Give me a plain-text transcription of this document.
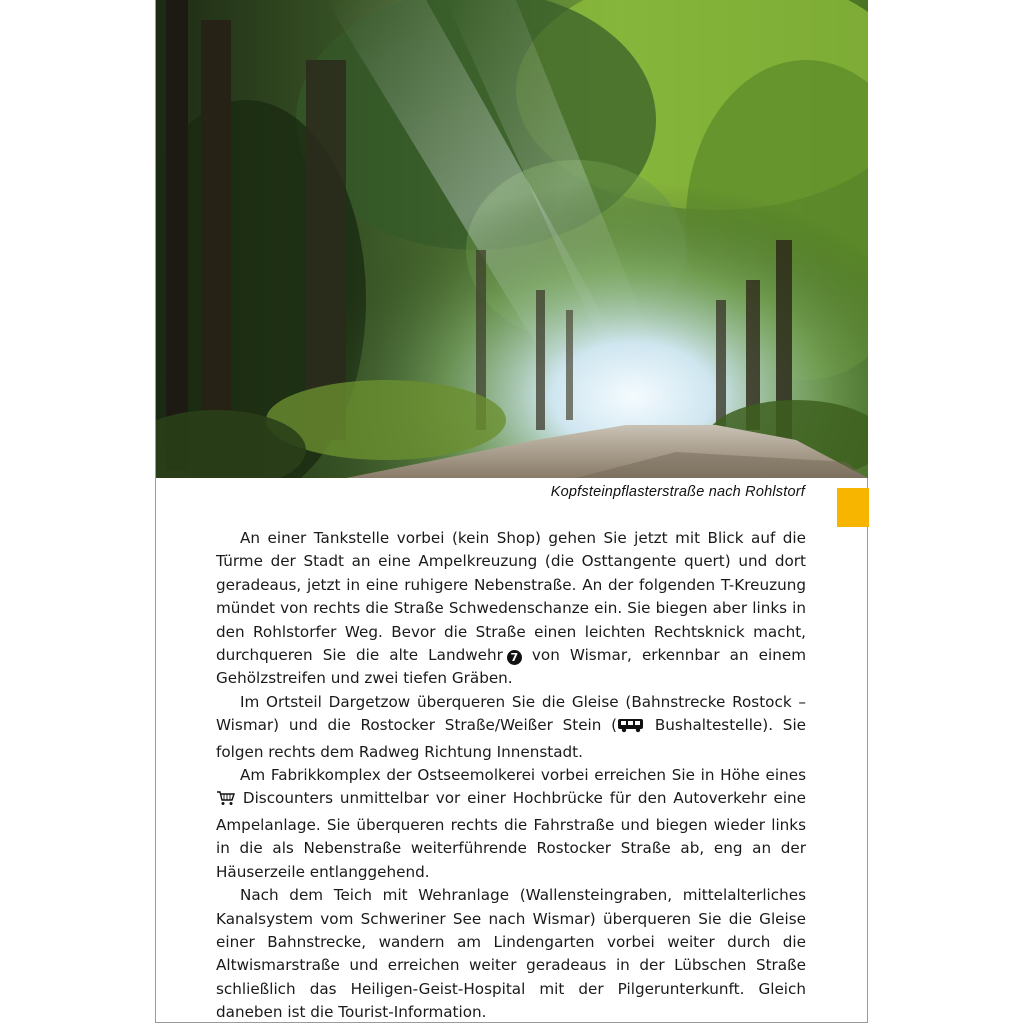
Kopfsteinpflasterstraße nach Rohlstorf

An einer Tankstelle vorbei (kein Shop) gehen Sie jetzt mit Blick auf die Türme der Stadt an eine Ampelkreuzung (die Osttangente quert) und dort geradeaus, jetzt in eine ruhigere Nebenstraße. An der folgenden T-Kreuzung mündet von rechts die Straße Schwedenschanze ein. Sie biegen aber links in den Rohlstorfer Weg. Bevor die Straße einen leichten Rechtsknick macht, durchqueren Sie die alte Landwehr 7 von Wismar, erkennbar an einem Gehölzstreifen und zwei tiefen Gräben.

Im Ortsteil Dargetzow überqueren Sie die Gleise (Bahnstrecke Rostock – Wismar) und die Rostocker Straße/Weißer Stein ( Bushaltestelle). Sie folgen rechts dem Radweg Richtung Innenstadt.

Am Fabrikkomplex der Ostseemolkerei vorbei erreichen Sie in Höhe eines  Discounters unmittelbar vor einer Hochbrücke für den Autoverkehr eine Ampelanlage. Sie überqueren rechts die Fahrstraße und biegen wieder links in die als Nebenstraße weiterführende Rostocker Straße ab, eng an der Häuserzeile entlanggehend.

Nach dem Teich mit Wehranlage (Wallensteingraben, mittelalterliches Kanalsystem vom Schweriner See nach Wismar) überqueren Sie die Gleise einer Bahnstrecke, wandern am Lindengarten vorbei weiter durch die Altwismarstraße und erreichen weiter geradeaus in der Lübschen Straße schließlich das Heiligen-Geist-Hospital mit der Pilgerunterkunft. Gleich daneben ist die Tourist-Information.
